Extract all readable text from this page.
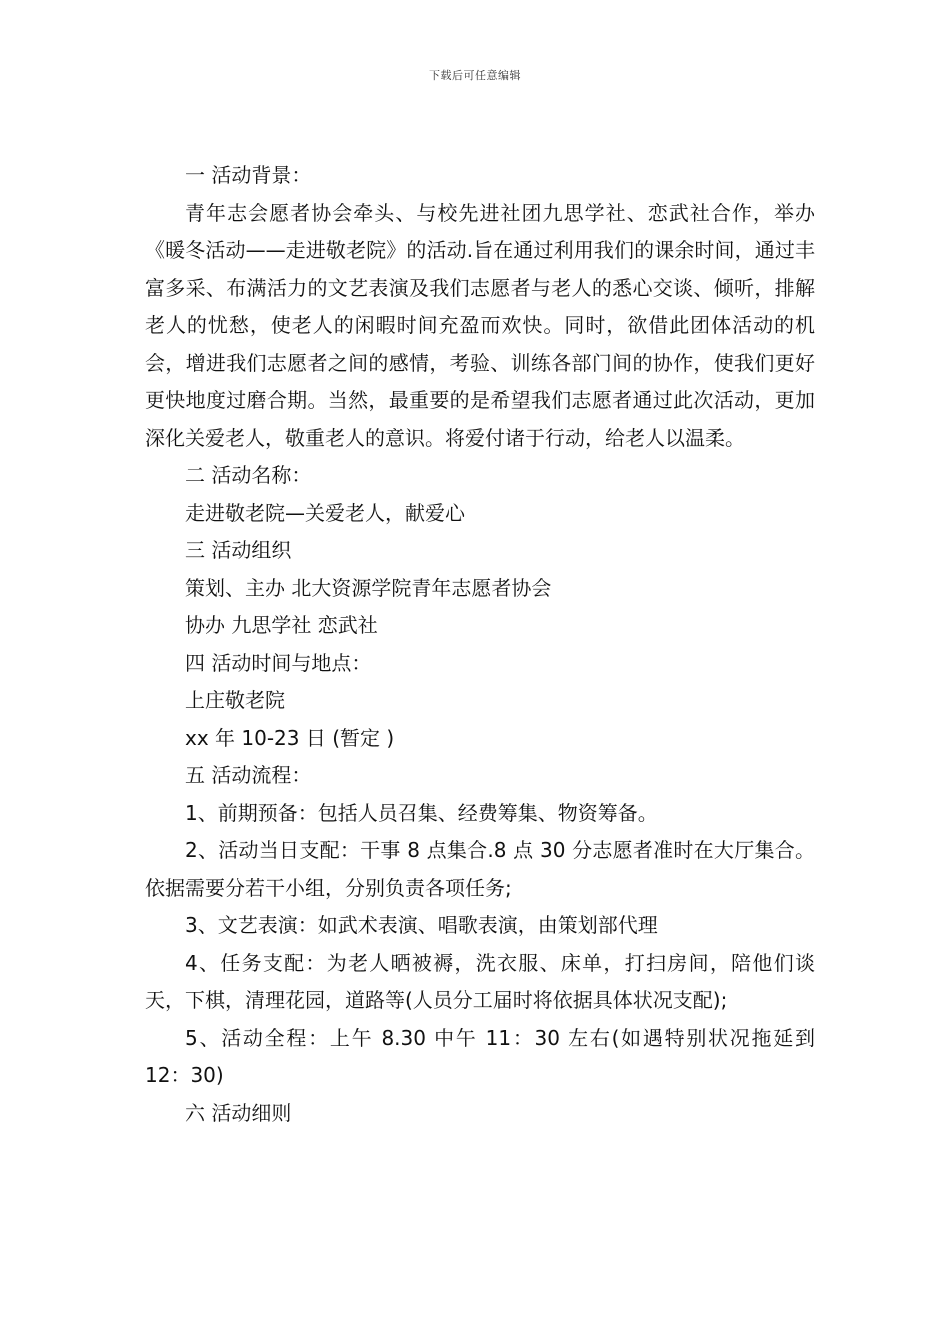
下载后可任意编辑

一 活动背景：

青年志会愿者协会牵头、与校先进社团九思学社、恋武社合作，举办《暖冬活动——走进敬老院》的活动.旨在通过利用我们的课余时间，通过丰富多采、布满活力的文艺表演及我们志愿者与老人的悉心交谈、倾听，排解老人的忧愁，使老人的闲暇时间充盈而欢快。同时，欲借此团体活动的机会，增进我们志愿者之间的感情，考验、训练各部门间的协作，使我们更好更快地度过磨合期。当然，最重要的是希望我们志愿者通过此次活动，更加深化关爱老人，敬重老人的意识。将爱付诸于行动，给老人以温柔。

二 活动名称：

走进敬老院—关爱老人，献爱心

三 活动组织

策划、主办 北大资源学院青年志愿者协会

协办 九思学社 恋武社

四 活动时间与地点：

上庄敬老院

xx 年 10-23 日 (暂定 )

五 活动流程：

1、前期预备：包括人员召集、经费筹集、物资筹备。

2、活动当日支配：干事 8 点集合.8 点 30 分志愿者准时在大厅集合。依据需要分若干小组，分别负责各项任务;

3、文艺表演：如武术表演、唱歌表演，由策划部代理

4、任务支配：为老人晒被褥，洗衣服、床单，打扫房间，陪他们谈天，下棋，清理花园，道路等(人员分工届时将依据具体状况支配);

5、活动全程：上午 8.30 中午 11：30 左右(如遇特别状况拖延到 12：30)

六 活动细则
